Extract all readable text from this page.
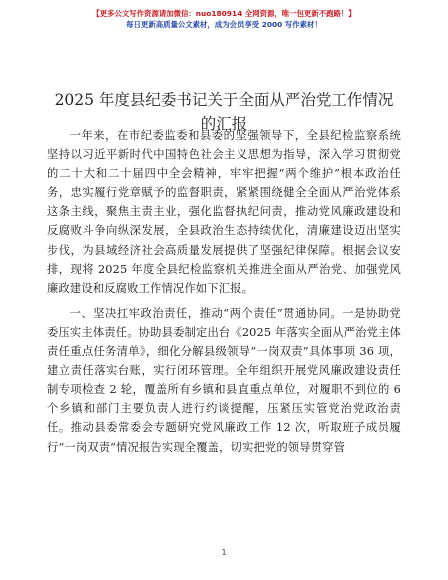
【更多公文写作资源请加微信：nuo180914 全网资源，唯一包更新不跑路！】
每日更新高质量公文素材，成为会员享受 2000 写作素材！
2025 年度县纪委书记关于全面从严治党工作情况的汇报

一年来，在市纪委监委和县委的坚强领导下，全县纪检监察系统坚持以习近平新时代中国特色社会主义思想为指导，深入学习贯彻党的二十大和二十届四中全会精神，牢牢把握“两个维护”根本政治任务，忠实履行党章赋予的监督职责，紧紧围绕健全全面从严治党体系这条主线，聚焦主责主业，强化监督执纪问责，推动党风廉政建设和反腐败斗争向纵深发展，全县政治生态持续优化，清廉建设迈出坚实步伐，为县域经济社会高质量发展提供了坚强纪律保障。根据会议安排，现将 2025 年度全县纪检监察机关推进全面从严治党、加强党风廉政建设和反腐败工作情况作如下汇报。

一、坚决扛牢政治责任，推动“两个责任”贯通协同。一是协助党委压实主体责任。协助县委制定出台《2025 年落实全面从严治党主体责任重点任务清单》，细化分解县级领导“一岗双责”具体事项 36 项，建立责任落实台账，实行闭环管理。全年组织开展党风廉政建设责任制专项检查 2 轮，覆盖所有乡镇和县直重点单位，对履职不到位的 6 个乡镇和部门主要负责人进行约谈提醒，压紧压实管党治党政治责任。推动县委常委会专题研究党风廉政工作 12 次，听取班子成员履行“一岗双责”情况报告实现全覆盖，切实把党的领导贯穿管

1
